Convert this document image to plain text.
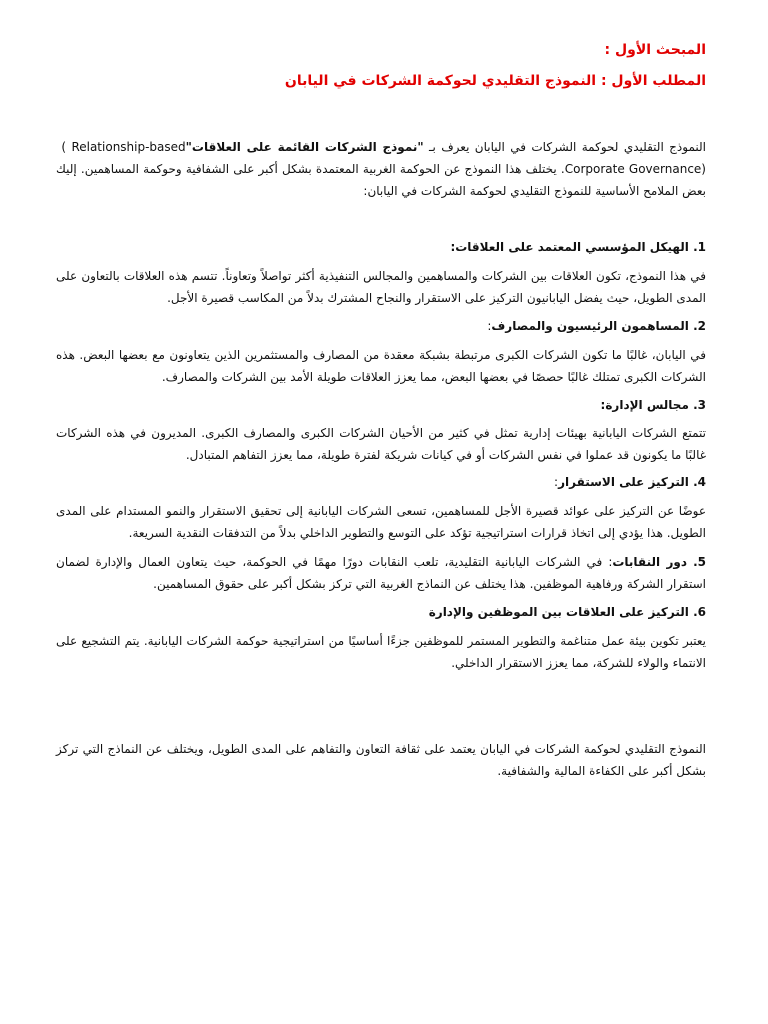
المبحث الأول :
المطلب الأول : النموذج التقليدي لحوكمة الشركات في اليابان
النموذج التقليدي لحوكمة الشركات في اليابان يعرف بـ "نموذج الشركات القائمة على العلاقات" ( Relationship-based Corporate Governance). يختلف هذا النموذج عن الحوكمة الغربية المعتمدة بشكل أكبر على الشفافية وحوكمة المساهمين. إليك بعض الملامح الأساسية للنموذج التقليدي لحوكمة الشركات في اليابان:
1. الهيكل المؤسسي المعتمد على العلاقات:
في هذا النموذج، تكون العلاقات بين الشركات والمساهمين والمجالس التنفيذية أكثر تواصلاً وتعاوناً. تتسم هذه العلاقات بالتعاون على المدى الطويل، حيث يفضل اليابانيون التركيز على الاستقرار والنجاح المشترك بدلاً من المكاسب قصيرة الأجل.
2. المساهمون الرئيسيون والمصارف:
في اليابان، غالبًا ما تكون الشركات الكبرى مرتبطة بشبكة معقدة من المصارف والمستثمرين الذين يتعاونون مع بعضها البعض. هذه الشركات الكبرى تمتلك غالبًا حصصًا في بعضها البعض، مما يعزز العلاقات طويلة الأمد بين الشركات والمصارف.
3. مجالس الإدارة:
تتمتع الشركات اليابانية بهيئات إدارية تمثل في كثير من الأحيان الشركات الكبرى والمصارف الكبرى. المديرون في هذه الشركات غالبًا ما يكونون قد عملوا في نفس الشركات أو في كيانات شريكة لفترة طويلة، مما يعزز التفاهم المتبادل.
4. التركيز على الاستقرار:
عوضًا عن التركيز على عوائد قصيرة الأجل للمساهمين، تسعى الشركات اليابانية إلى تحقيق الاستقرار والنمو المستدام على المدى الطويل. هذا يؤدي إلى اتخاذ قرارات استراتيجية تؤكد على التوسع والتطوير الداخلي بدلاً من التدفقات النقدية السريعة.
5. دور النقابات: في الشركات اليابانية التقليدية، تلعب النقابات دورًا مهمًا في الحوكمة، حيث يتعاون العمال والإدارة لضمان استقرار الشركة ورفاهية الموظفين. هذا يختلف عن النماذج الغربية التي تركز بشكل أكبر على حقوق المساهمين.
6. التركيز على العلاقات بين الموظفين والإدارة
يعتبر تكوين بيئة عمل متناغمة والتطوير المستمر للموظفين جزءًا أساسيًا من استراتيجية حوكمة الشركات اليابانية. يتم التشجيع على الانتماء والولاء للشركة، مما يعزز الاستقرار الداخلي.
النموذج التقليدي لحوكمة الشركات في اليابان يعتمد على ثقافة التعاون والتفاهم على المدى الطويل، ويختلف عن النماذج التي تركز بشكل أكبر على الكفاءة المالية والشفافية.
